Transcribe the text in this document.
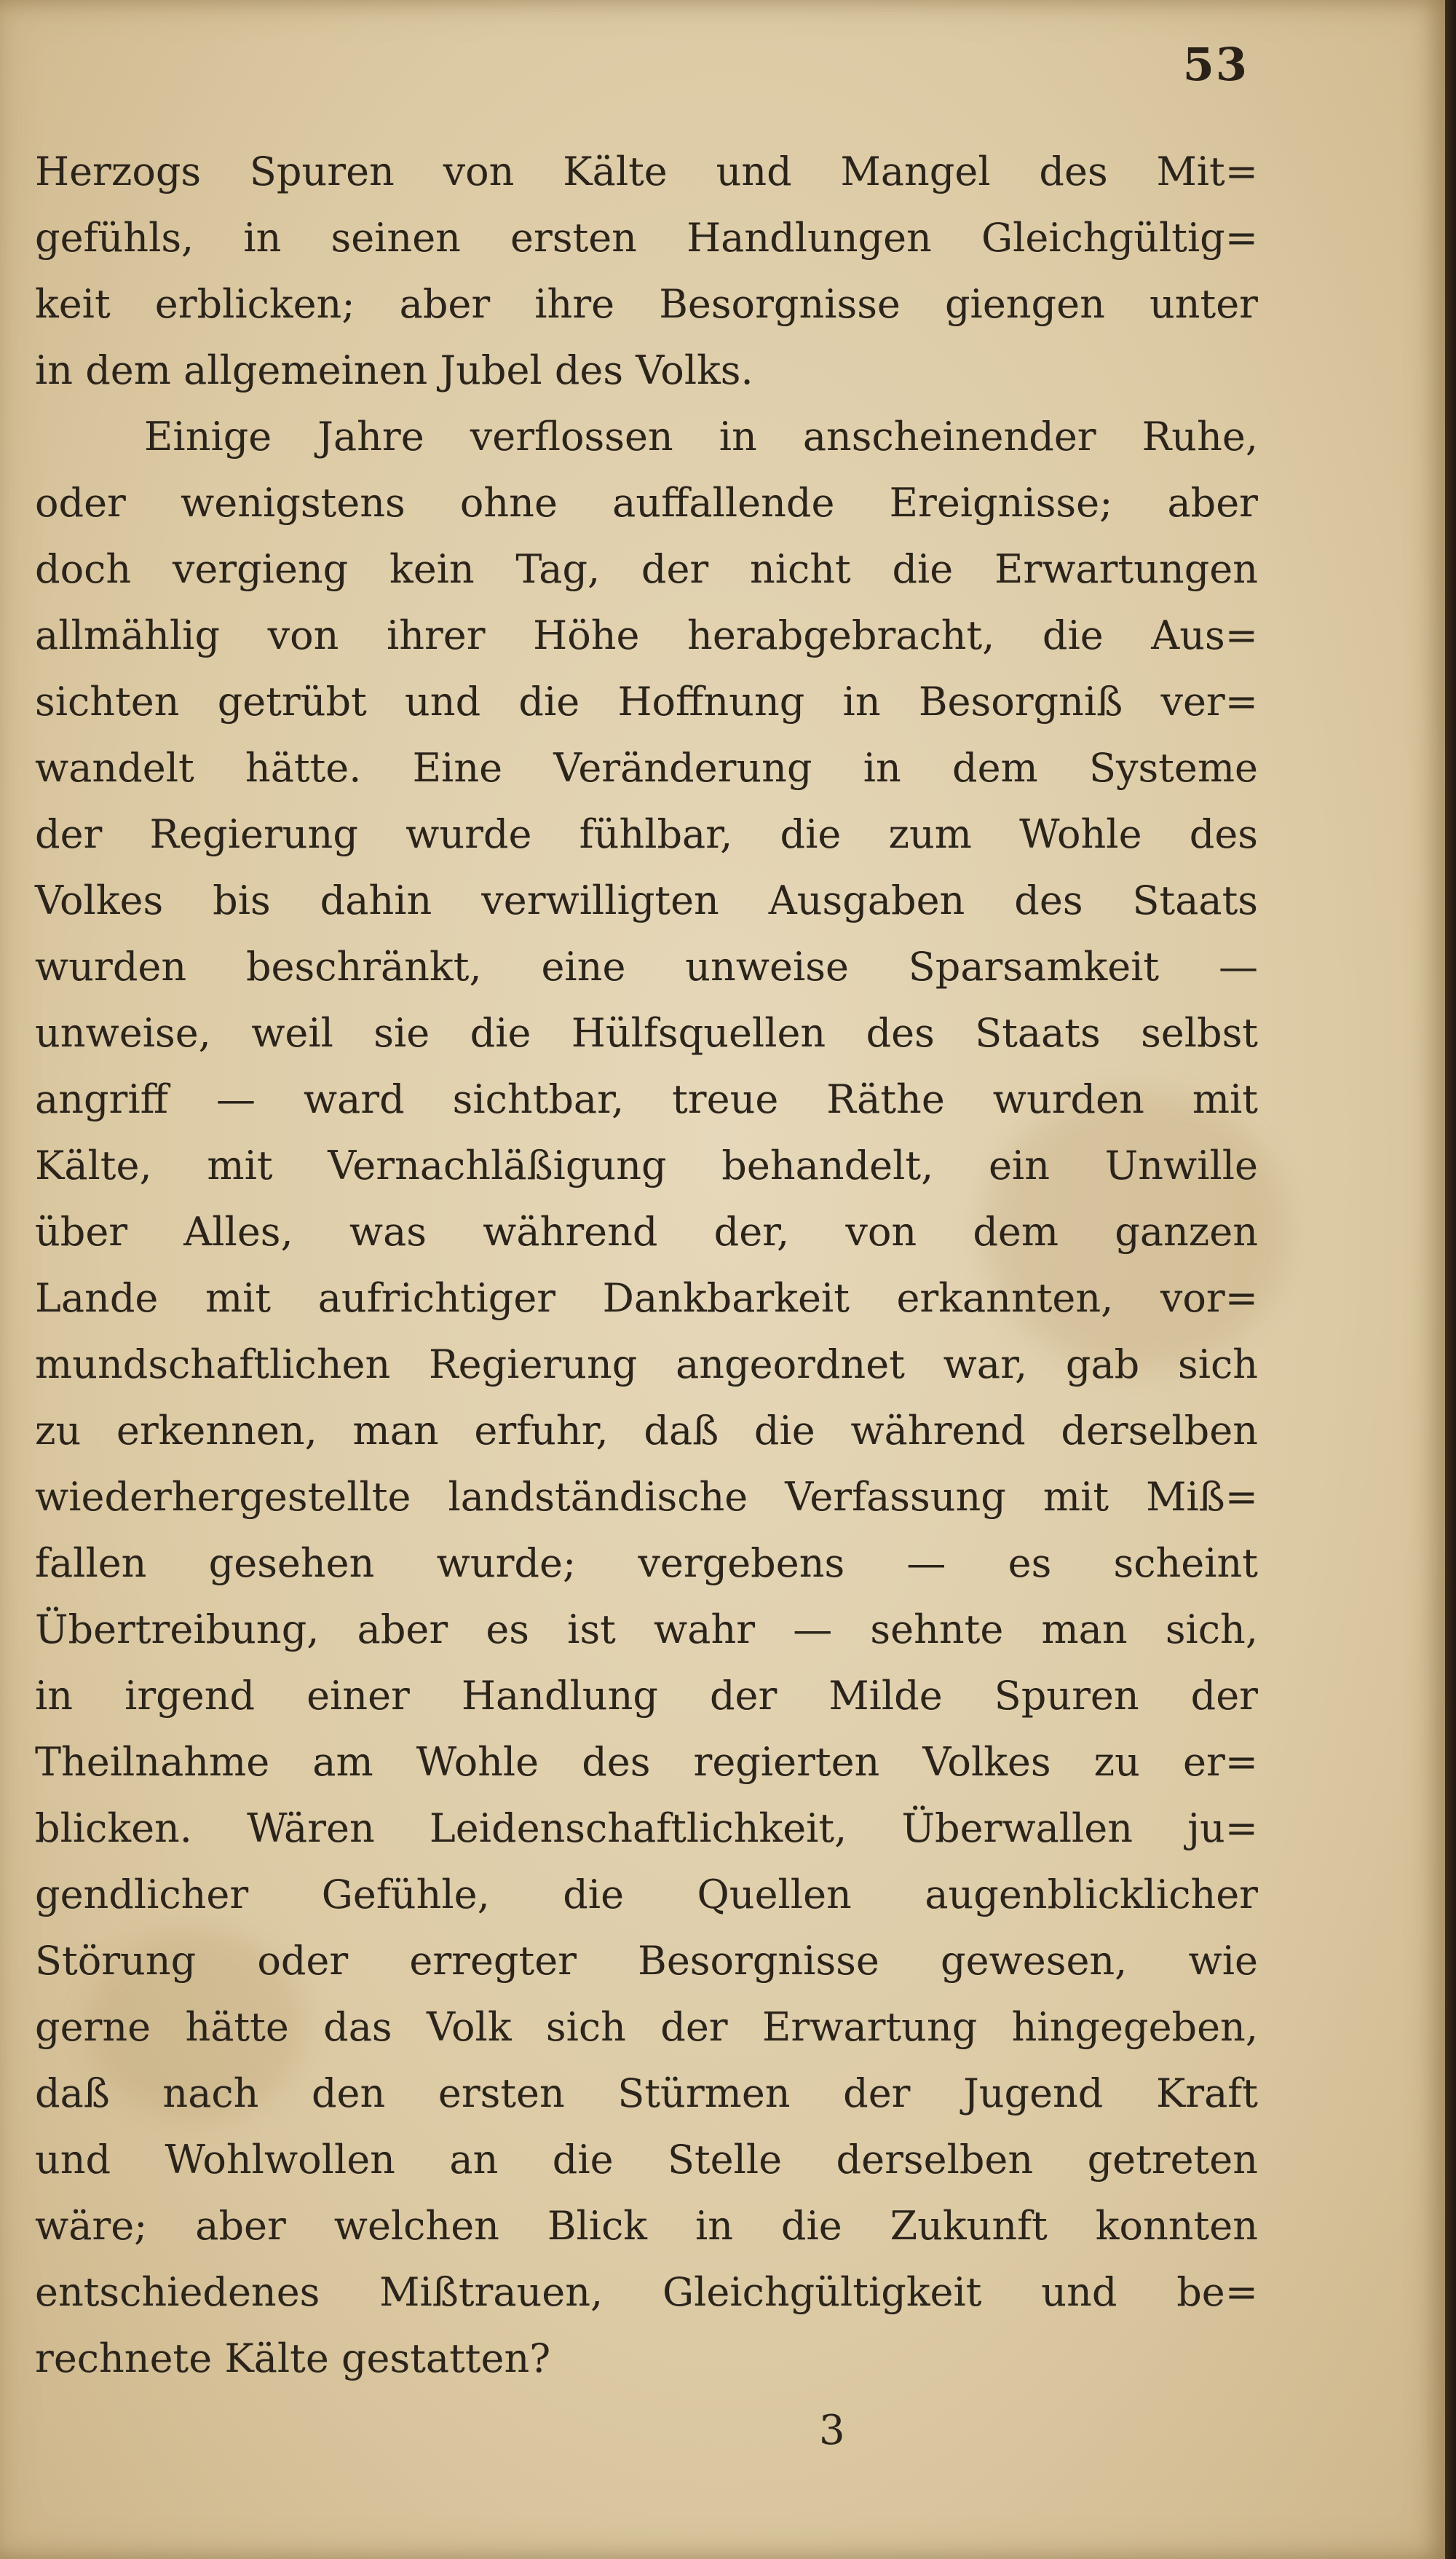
53
Herzogs Spuren von Kälte und Mangel des Mit=
gefühls, in seinen ersten Handlungen Gleichgültig=
keit erblicken; aber ihre Besorgnisse giengen unter
in dem allgemeinen Jubel des Volks.
Einige Jahre verflossen in anscheinender Ruhe,
oder wenigstens ohne auffallende Ereignisse; aber
doch vergieng kein Tag, der nicht die Erwartungen
allmählig von ihrer Höhe herabgebracht, die Aus=
sichten getrübt und die Hoffnung in Besorgniß ver=
wandelt hätte. Eine Veränderung in dem Systeme
der Regierung wurde fühlbar, die zum Wohle des
Volkes bis dahin verwilligten Ausgaben des Staats
wurden beschränkt, eine unweise Sparsamkeit —
unweise, weil sie die Hülfsquellen des Staats selbst
angriff — ward sichtbar, treue Räthe wurden mit
Kälte, mit Vernachläßigung behandelt, ein Unwille
über Alles, was während der, von dem ganzen
Lande mit aufrichtiger Dankbarkeit erkannten, vor=
mundschaftlichen Regierung angeordnet war, gab sich
zu erkennen, man erfuhr, daß die während derselben
wiederhergestellte landständische Verfassung mit Miß=
fallen gesehen wurde; vergebens — es scheint
Übertreibung, aber es ist wahr — sehnte man sich,
in irgend einer Handlung der Milde Spuren der
Theilnahme am Wohle des regierten Volkes zu er=
blicken. Wären Leidenschaftlichkeit, Überwallen ju=
gendlicher Gefühle, die Quellen augenblicklicher
Störung oder erregter Besorgnisse gewesen, wie
gerne hätte das Volk sich der Erwartung hingegeben,
daß nach den ersten Stürmen der Jugend Kraft
und Wohlwollen an die Stelle derselben getreten
wäre; aber welchen Blick in die Zukunft konnten
entschiedenes Mißtrauen, Gleichgültigkeit und be=
rechnete Kälte gestatten?
3
